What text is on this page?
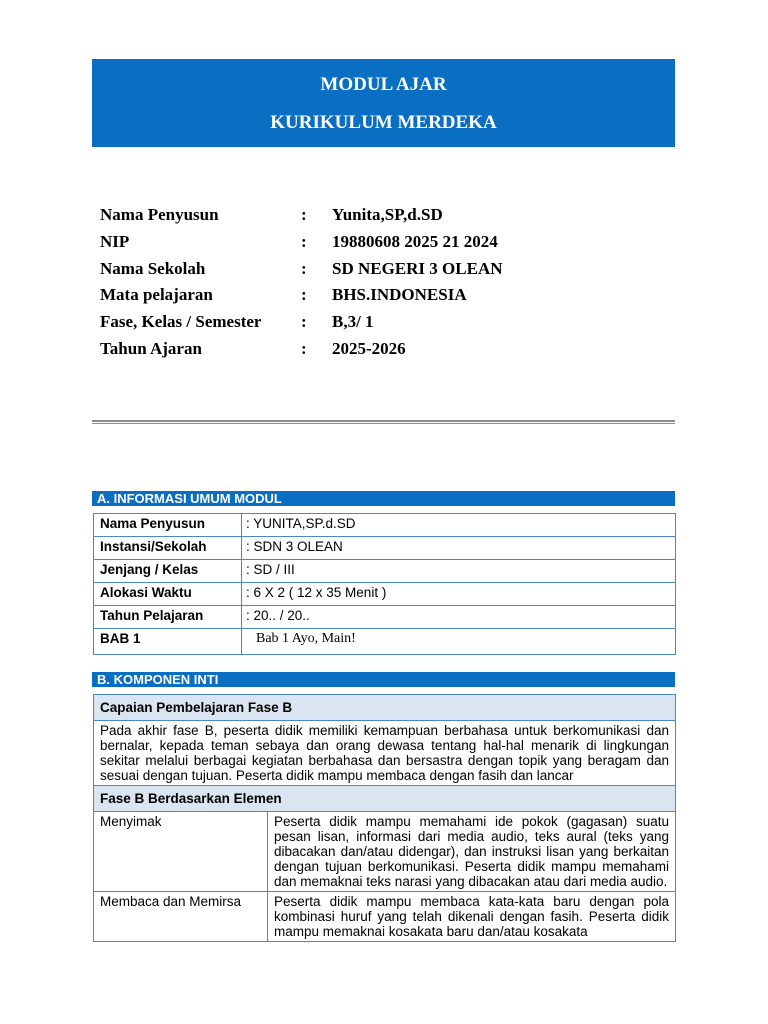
MODUL AJAR
KURIKULUM MERDEKA
Nama Penyusun	: Yunita,SP,d.SD
NIP	: 19880608 2025 21 2024
Nama Sekolah	: SD NEGERI 3 OLEAN
Mata pelajaran	: BHS.INDONESIA
Fase, Kelas / Semester : B,3/ 1
Tahun Ajaran	: 2025-2026
A. INFORMASI UMUM MODUL
Nama Penyusun	: YUNITA,SP.d.SD
Instansi/Sekolah	: SDN 3 OLEAN
Jenjang / Kelas	: SD / III
Alokasi Waktu	: 6 X 2 ( 12 x 35 Menit )
Tahun Pelajaran	: 20.. / 20..
BAB 1	Bab 1 Ayo, Main!
B. KOMPONEN INTI
Capaian Pembelajaran Fase B	
Pada akhir fase B, peserta didik memiliki kemampuan berbahasa untuk berkomunikasi dan bernalar, kepada teman sebaya dan orang dewasa tentang hal-hal menarik di lingkungan sekitar melalui berbagai kegiatan berbahasa dan bersastra dengan topik yang beragam dan sesuai dengan tujuan. Peserta didik mampu membaca dengan fasih dan lancar	
Fase B Berdasarkan Elemen	
Menyimak	Peserta didik mampu memahami ide pokok (gagasan) suatu pesan lisan, informasi dari media audio, teks aural (teks yang dibacakan dan/atau didengar), dan instruksi lisan yang berkaitan dengan tujuan berkomunikasi. Peserta didik mampu memahami dan memaknai teks narasi yang dibacakan atau dari media audio.
Membaca dan Memirsa	Peserta didik mampu membaca kata-kata baru dengan pola kombinasi huruf yang telah dikenali dengan fasih. Peserta didik mampu memaknai kosakata baru dan/atau kosakata
